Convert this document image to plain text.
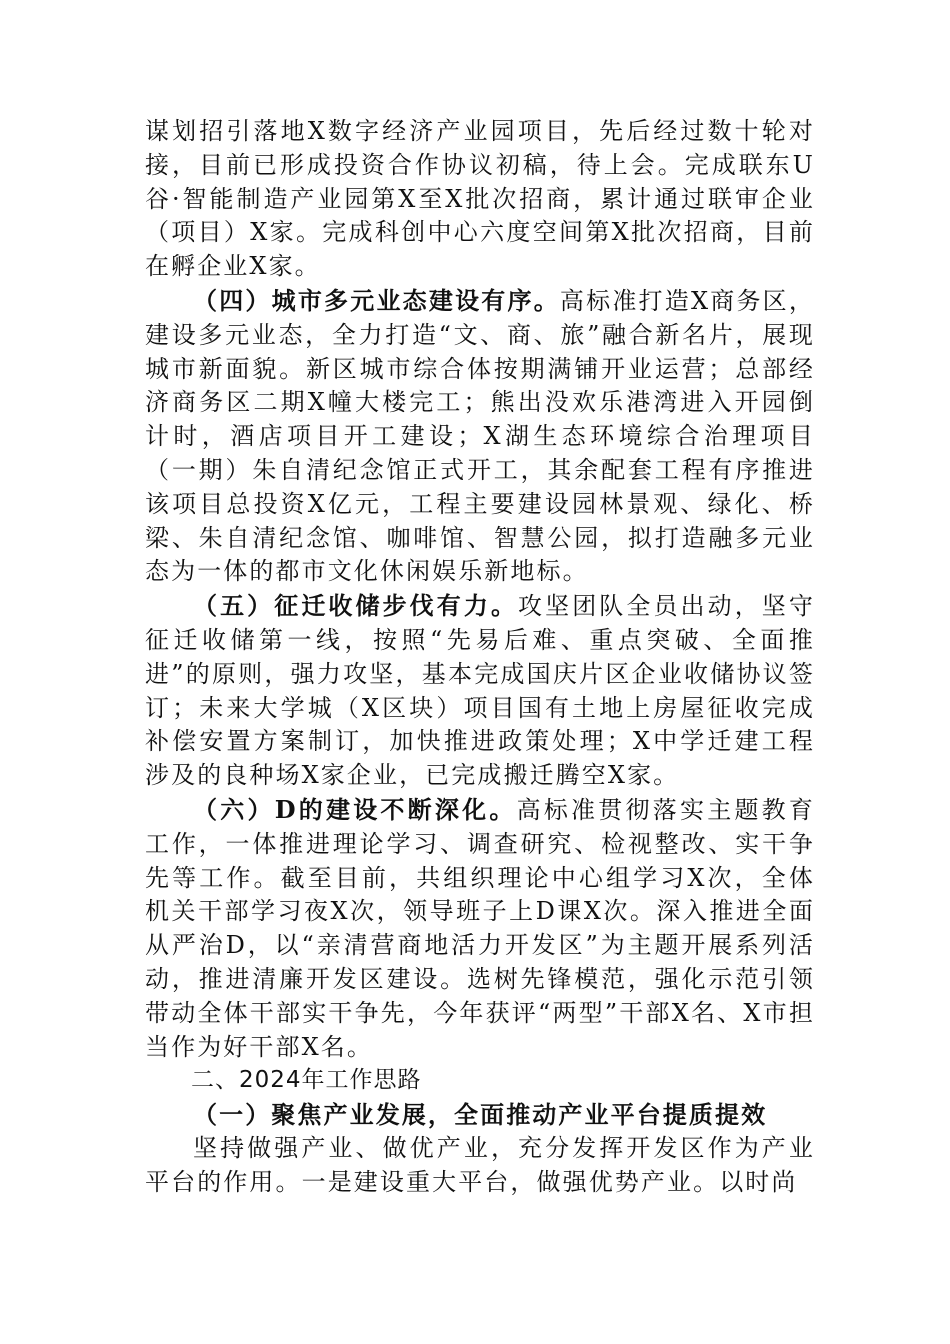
谋划招引落地X数字经济产业园项目，先后经过数十轮对接，目前已形成投资合作协议初稿，待上会。完成联东U谷·智能制造产业园第X至X批次招商，累计通过联审企业（项目）X家。完成科创中心六度空间第X批次招商，目前在孵企业X家。

（四）城市多元业态建设有序。高标准打造X商务区，建设多元业态，全力打造“文、商、旅”融合新名片，展现城市新面貌。新区城市综合体按期满铺开业运营；总部经济商务区二期X幢大楼完工；熊出没欢乐港湾进入开园倒计时，酒店项目开工建设；X湖生态环境综合治理项目（一期）朱自清纪念馆正式开工，其余配套工程有序推进该项目总投资X亿元，工程主要建设园林景观、绿化、桥梁、朱自清纪念馆、咖啡馆、智慧公园，拟打造融多元业态为一体的都市文化休闲娱乐新地标。

（五）征迁收储步伐有力。攻坚团队全员出动，坚守征迁收储第一线，按照“先易后难、重点突破、全面推进”的原则，强力攻坚，基本完成国庆片区企业收储协议签订；未来大学城（X区块）项目国有土地上房屋征收完成补偿安置方案制订，加快推进政策处理；X中学迁建工程涉及的良种场X家企业，已完成搬迁腾空X家。

（六）D的建设不断深化。高标准贯彻落实主题教育工作，一体推进理论学习、调查研究、检视整改、实干争先等工作。截至目前，共组织理论中心组学习X次，全体机关干部学习夜X次，领导班子上D课X次。深入推进全面从严治D，以“亲清营商地活力开发区”为主题开展系列活动，推进清廉开发区建设。选树先锋模范，强化示范引领带动全体干部实干争先，今年获评“两型”干部X名、X市担当作为好干部X名。

二、2024年工作思路

（一）聚焦产业发展，全面推动产业平台提质提效

坚持做强产业、做优产业，充分发挥开发区作为产业平台的作用。一是建设重大平台，做强优势产业。以时尚
